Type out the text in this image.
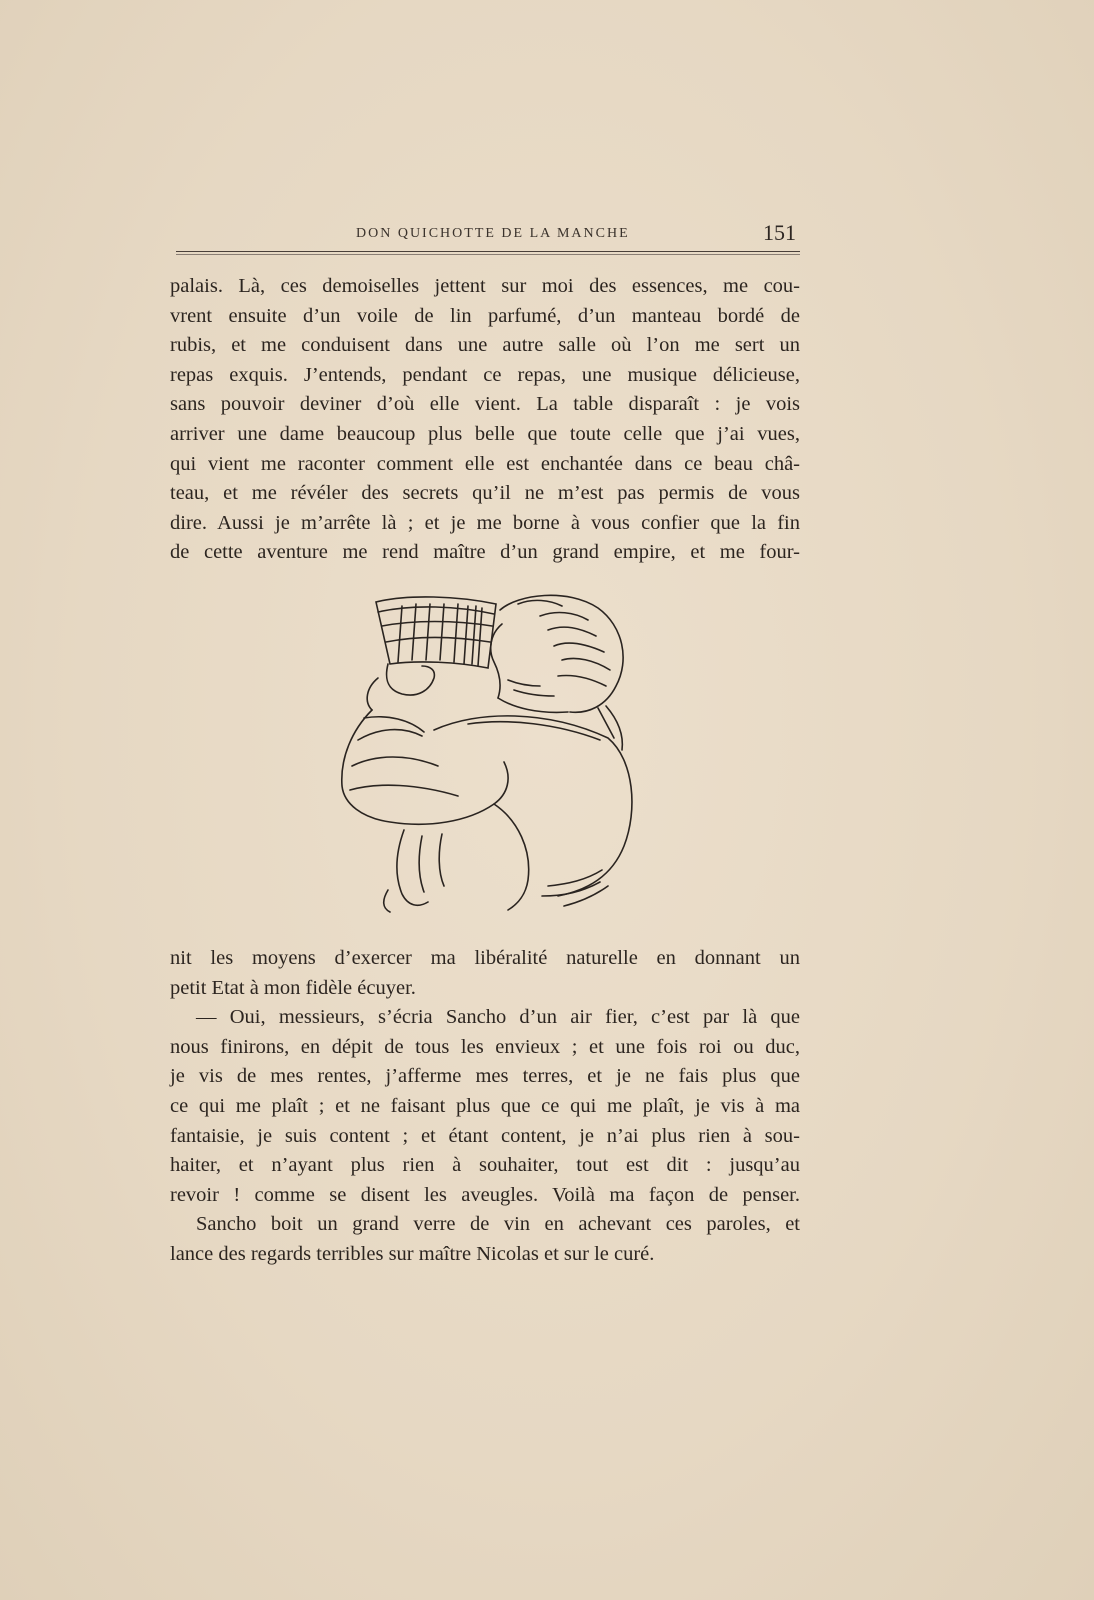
DON QUICHOTTE DE LA MANCHE	151
palais. Là, ces demoiselles jettent sur moi des essences, me cou-
vrent ensuite d’un voile de lin parfumé, d’un manteau bordé de
rubis, et me conduisent dans une autre salle où l’on me sert un
repas exquis. J’entends, pendant ce repas, une musique délicieuse,
sans pouvoir deviner d’où elle vient. La table disparaît : je vois
arriver une dame beaucoup plus belle que toute celle que j’ai vues,
qui vient me raconter comment elle est enchantée dans ce beau châ-
teau, et me révéler des secrets qu’il ne m’est pas permis de vous
dire. Aussi je m’arrête là ; et je me borne à vous confier que la fin
de cette aventure me rend maître d’un grand empire, et me four-
nit les moyens d’exercer ma libéralité naturelle en donnant un
petit Etat à mon fidèle écuyer.
— Oui, messieurs, s’écria Sancho d’un air fier, c’est par là que
nous finirons, en dépit de tous les envieux ; et une fois roi ou duc,
je vis de mes rentes, j’afferme mes terres, et je ne fais plus que
ce qui me plaît ; et ne faisant plus que ce qui me plaît, je vis à ma
fantaisie, je suis content ; et étant content, je n’ai plus rien à sou-
haiter, et n’ayant plus rien à souhaiter, tout est dit : jusqu’au
revoir ! comme se disent les aveugles. Voilà ma façon de penser.
Sancho boit un grand verre de vin en achevant ces paroles, et
lance des regards terribles sur maître Nicolas et sur le curé.
